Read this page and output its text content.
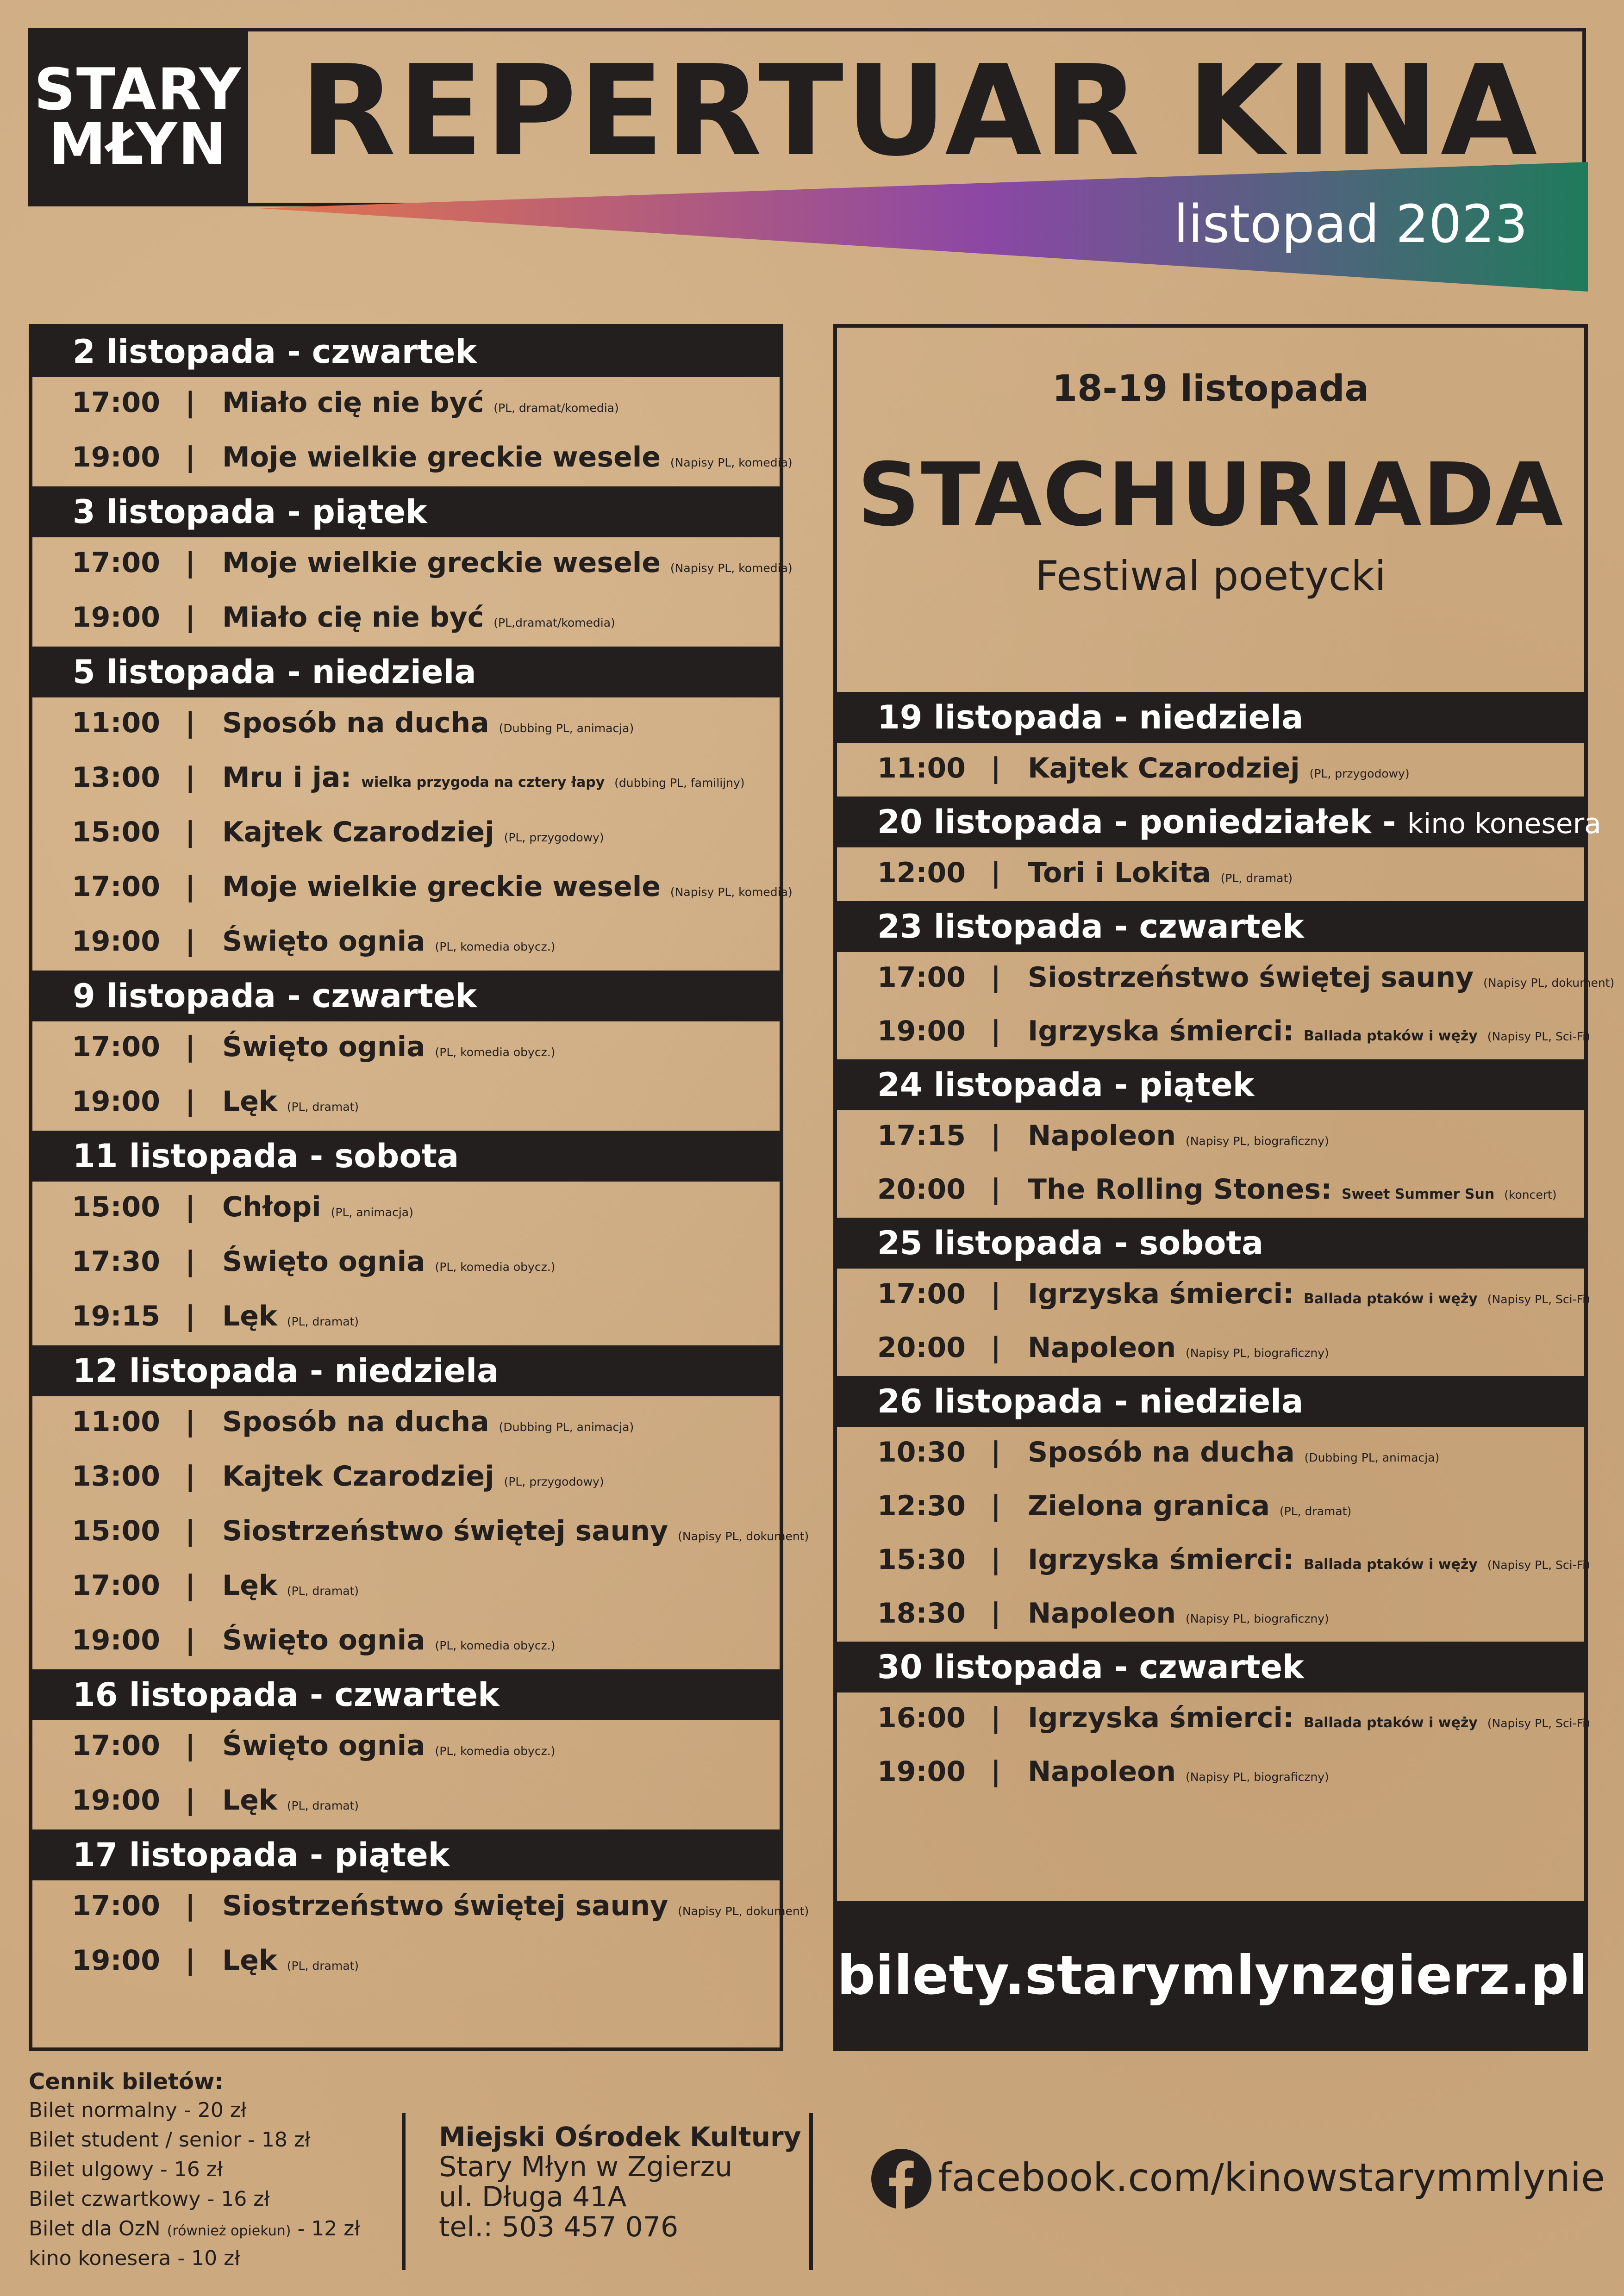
STARY
MŁYN REPERTUAR KINA
listopad 2023
2 listopada - czwartek
17:00 | Miało cię nie być (PL, dramat/komedia)
19:00 | Moje wielkie greckie wesele (Napisy PL, komedia)
3 listopada - piątek
17:00 | Moje wielkie greckie wesele (Napisy PL, komedia)
19:00 | Miało cię nie być (PL,dramat/komedia)
5 listopada - niedziela
11:00 | Sposób na ducha (Dubbing PL, animacja)
13:00 | Mru i ja: wielka przygoda na cztery łapy (dubbing PL, familijny)
15:00 | Kajtek Czarodziej (PL, przygodowy)
17:00 | Moje wielkie greckie wesele (Napisy PL, komedia)
19:00 | Święto ognia (PL, komedia obycz.)
9 listopada - czwartek
17:00 | Święto ognia (PL, komedia obycz.)
19:00 | Lęk (PL, dramat)
11 listopada - sobota
15:00 | Chłopi (PL, animacja)
17:30 | Święto ognia (PL, komedia obycz.)
19:15 | Lęk (PL, dramat)
12 listopada - niedziela
11:00 | Sposób na ducha (Dubbing PL, animacja)
13:00 | Kajtek Czarodziej (PL, przygodowy)
15:00 | Siostrzeństwo świętej sauny (Napisy PL, dokument)
17:00 | Lęk (PL, dramat)
19:00 | Święto ognia (PL, komedia obycz.)
16 listopada - czwartek
17:00 | Święto ognia (PL, komedia obycz.)
19:00 | Lęk (PL, dramat)
17 listopada - piątek
17:00 | Siostrzeństwo świętej sauny (Napisy PL, dokument)
19:00 | Lęk (PL, dramat)
18-19 listopada
STACHURIADA
Festiwal poetycki
19 listopada - niedziela
11:00 | Kajtek Czarodziej (PL, przygodowy)
20 listopada - poniedziałek - kino konesera
12:00 | Tori i Lokita (PL, dramat)
23 listopada - czwartek
17:00 | Siostrzeństwo świętej sauny (Napisy PL, dokument)
19:00 | Igrzyska śmierci: Ballada ptaków i węży (Napisy PL, Sci-Fi)
24 listopada - piątek
17:15 | Napoleon (Napisy PL, biograficzny)
20:00 | The Rolling Stones: Sweet Summer Sun (koncert)
25 listopada - sobota
17:00 | Igrzyska śmierci: Ballada ptaków i węży (Napisy PL, Sci-Fi)
20:00 | Napoleon (Napisy PL, biograficzny)
26 listopada - niedziela
10:30 | Sposób na ducha (Dubbing PL, animacja)
12:30 | Zielona granica (PL, dramat)
15:30 | Igrzyska śmierci: Ballada ptaków i węży (Napisy PL, Sci-Fi)
18:30 | Napoleon (Napisy PL, biograficzny)
30 listopada - czwartek
16:00 | Igrzyska śmierci: Ballada ptaków i węży (Napisy PL, Sci-Fi)
19:00 | Napoleon (Napisy PL, biograficzny)
bilety.starymlynzgierz.pl
Cennik biletów:
Bilet normalny - 20 zł
Bilet student / senior - 18 zł
Bilet ulgowy - 16 zł
Bilet czwartkowy - 16 zł
Bilet dla OzN (również opiekun) - 12 zł
kino konesera - 10 zł
Miejski Ośrodek Kultury
Stary Młyn w Zgierzu
ul. Długa 41A
tel.: 503 457 076
facebook.com/kinowstarymmlynie
